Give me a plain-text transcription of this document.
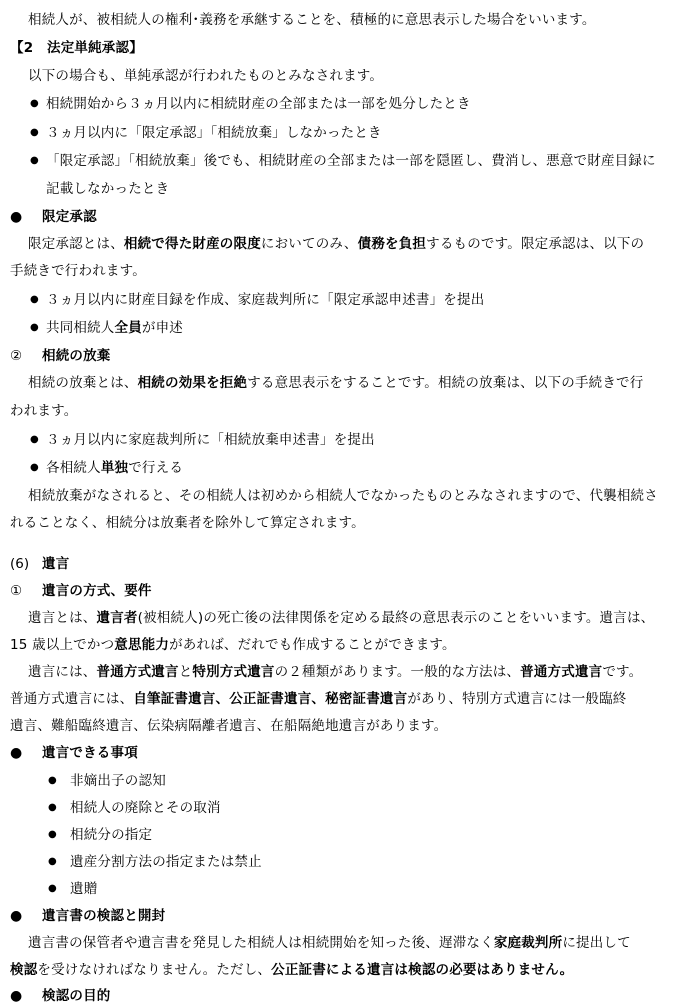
相続人が、被相続人の権利･義務を承継することを、積極的に意思表示した場合をいいます。
【2　法定単純承認】
以下の場合も、単純承認が行われたものとみなされます。
● 相続開始から３ヵ月以内に相続財産の全部または一部を処分したとき
● ３ヵ月以内に「限定承認」「相続放棄」しなかったとき
● 「限定承認」「相続放棄」後でも、相続財産の全部または一部を隠匿し、費消し、悪意で財産目録に
記載しなかったとき
● 限定承認
限定承認とは、相続で得た財産の限度においてのみ、債務を負担するものです。限定承認は、以下の
手続きで行われます。
● ３ヵ月以内に財産目録を作成、家庭裁判所に「限定承認申述書」を提出
● 共同相続人全員が申述
② 相続の放棄
相続の放棄とは、相続の効果を拒絶する意思表示をすることです。相続の放棄は、以下の手続きで行
われます。
● ３ヵ月以内に家庭裁判所に「相続放棄申述書」を提出
● 各相続人単独で行える
相続放棄がなされると、その相続人は初めから相続人でなかったものとみなされますので、代襲相続さ
れることなく、相続分は放棄者を除外して算定されます。
(6) 遺言
① 遺言の方式、要件
遺言とは、遺言者(被相続人)の死亡後の法律関係を定める最終の意思表示のことをいいます。遺言は、
15 歳以上でかつ意思能力があれば、だれでも作成することができます。
遺言には、普通方式遺言と特別方式遺言の２種類があります。一般的な方法は、普通方式遺言です。
普通方式遺言には、自筆証書遺言、公正証書遺言、秘密証書遺言があり、特別方式遺言には一般臨終
遺言、難船臨終遺言、伝染病隔離者遺言、在船隔絶地遺言があります。
● 遺言できる事項
● 非嫡出子の認知
● 相続人の廃除とその取消
● 相続分の指定
● 遺産分割方法の指定または禁止
● 遺贈
● 遺言書の検認と開封
遺言書の保管者や遺言書を発見した相続人は相続開始を知った後、遅滞なく家庭裁判所に提出して
検認を受けなければなりません。ただし、公正証書による遺言は検認の必要はありません。
● 検認の目的
